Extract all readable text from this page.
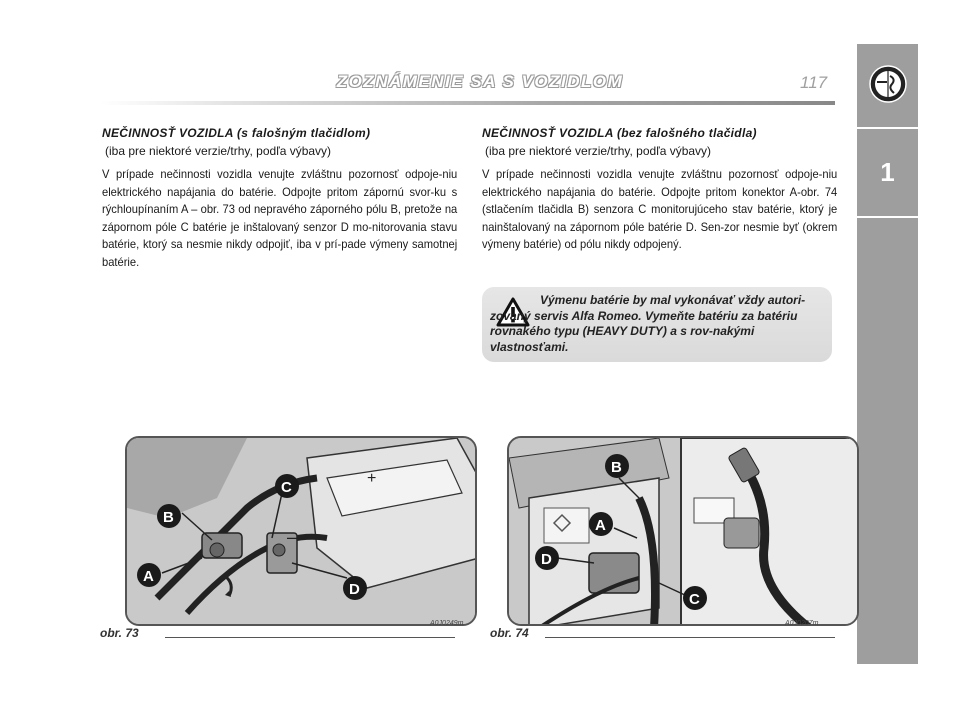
ZOZNÁMENIE SA S VOZIDLOM	117
1
NEČINNOSŤ VOZIDLA (s falošným tlačidlom)
(iba pre niektoré verzie/trhy, podľa výbavy)
V prípade nečinnosti vozidla venujte zvláštnu pozornosť odpoje-niu elektrického napájania do batérie. Odpojte pritom zápornú svor-ku s rýchloupínaním A – obr. 73 od nepravého záporného pólu B, pretože na zápornom póle C batérie je inštalovaný senzor D mo-nitorovania stavu batérie, ktorý sa nesmie nikdy odpojiť, iba v prí-pade výmeny samotnej batérie.
NEČINNOSŤ VOZIDLA (bez falošného tlačidla)
(iba pre niektoré verzie/trhy, podľa výbavy)
V prípade nečinnosti vozidla venujte zvláštnu pozornosť odpoje-niu elektrického napájania do batérie. Odpojte pritom konektor A-obr. 74 (stlačením tlačidla B) senzora C monitorujúceho stav batérie, ktorý je nainštalovaný na zápornom póle batérie D. Sen-zor nesmie byť (okrem výmeny batérie) od pólu nikdy odpojený.
Výmenu batérie by mal vykonávať vždy autori-zovaný servis Alfa Romeo. Vymeňte batériu za batériu rovnakého typu (HEAVY DUTY) a s rov-nakými vlastnosťami.
+
–
A
B
C
D
obr. 73
A0J0249m
A
B
C
D
obr. 74
A0J0207m
